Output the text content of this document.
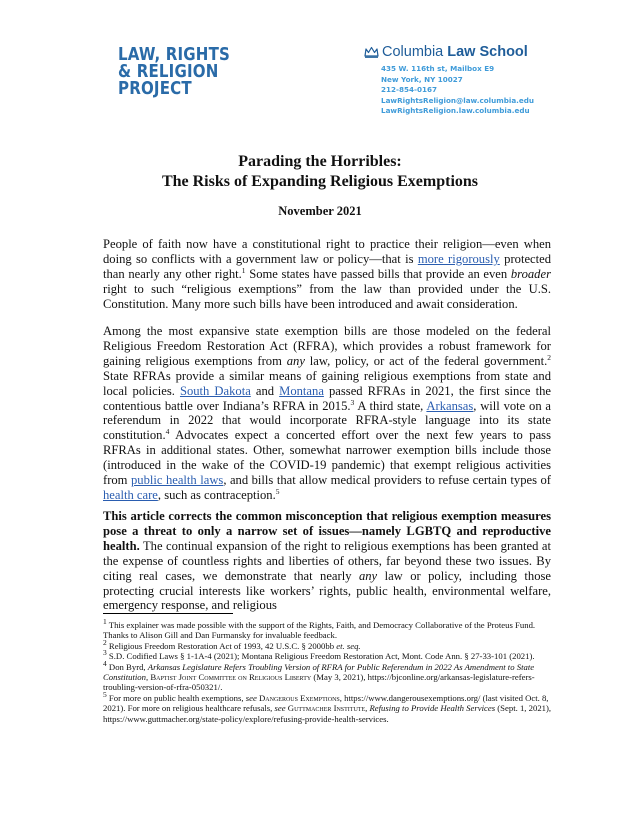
LAW, RIGHTS
& RELIGION
PROJECT
Columbia Law School
435 W. 116th st, Mailbox E9
New York, NY 10027
212-854-0167
LawRightsReligion@law.columbia.edu
LawRightsReligion.law.columbia.edu
Parading the Horribles:
The Risks of Expanding Religious Exemptions
November 2021
People of faith now have a constitutional right to practice their religion—even when doing so conflicts with a government law or policy—that is more rigorously protected than nearly any other right.$^1$ Some states have passed bills that provide an even broader right to such “religious exemptions” from the law than provided under the U.S. Constitution. Many more such bills have been introduced and await consideration.
Among the most expansive state exemption bills are those modeled on the federal Religious Freedom Restoration Act (RFRA), which provides a robust framework for gaining religious exemptions from any law, policy, or act of the federal government.$^2$ State RFRAs provide a similar means of gaining religious exemptions from state and local policies. South Dakota and Montana passed RFRAs in 2021, the first since the contentious battle over Indiana’s RFRA in 2015.$^3$ A third state, Arkansas, will vote on a referendum in 2022 that would incorporate RFRA-style language into its state constitution.$^4$ Advocates expect a concerted effort over the next few years to pass RFRAs in additional states. Other, somewhat narrower exemption bills include those (introduced in the wake of the COVID-19 pandemic) that exempt religious activities from public health laws, and bills that allow medical providers to refuse certain types of health care, such as contraception.$^5$
This article corrects the common misconception that religious exemption measures pose a threat to only a narrow set of issues—namely LGBTQ and reproductive health. The continual expansion of the right to religious exemptions has been granted at the expense of countless rights and liberties of others, far beyond these two issues. By citing real cases, we demonstrate that nearly any law or policy, including those protecting crucial interests like workers’ rights, public health, environmental welfare, emergency response, and religious

$^1$ This explainer was made possible with the support of the Rights, Faith, and Democracy Collaborative of the Proteus Fund. Thanks to Alison Gill and Dan Furmansky for invaluable feedback.

$^2$ Religious Freedom Restoration Act of 1993, 42 U.S.C. § 2000bb et. seq.

$^3$ S.D. Codified Laws § 1-1A-4 (2021); Montana Religious Freedom Restoration Act, Mont. Code Ann. § 27-33-101 (2021).

$^4$ Don Byrd, Arkansas Legislature Refers Troubling Version of RFRA for Public Referendum in 2022 As Amendment to State Constitution, Baptist Joint Committee on Religious Liberty (May 3, 2021), https://bjconline.org/arkansas-legislature-refers-troubling-version-of-rfra-050321/.

$^5$ For more on public health exemptions, see Dangerous Exemptions, https://www.dangerousexemptions.org/ (last visited Oct. 8, 2021). For more on religious healthcare refusals, see Guttmacher Institute, Refusing to Provide Health Services (Sept. 1, 2021), https://www.guttmacher.org/state-policy/explore/refusing-provide-health-services.
